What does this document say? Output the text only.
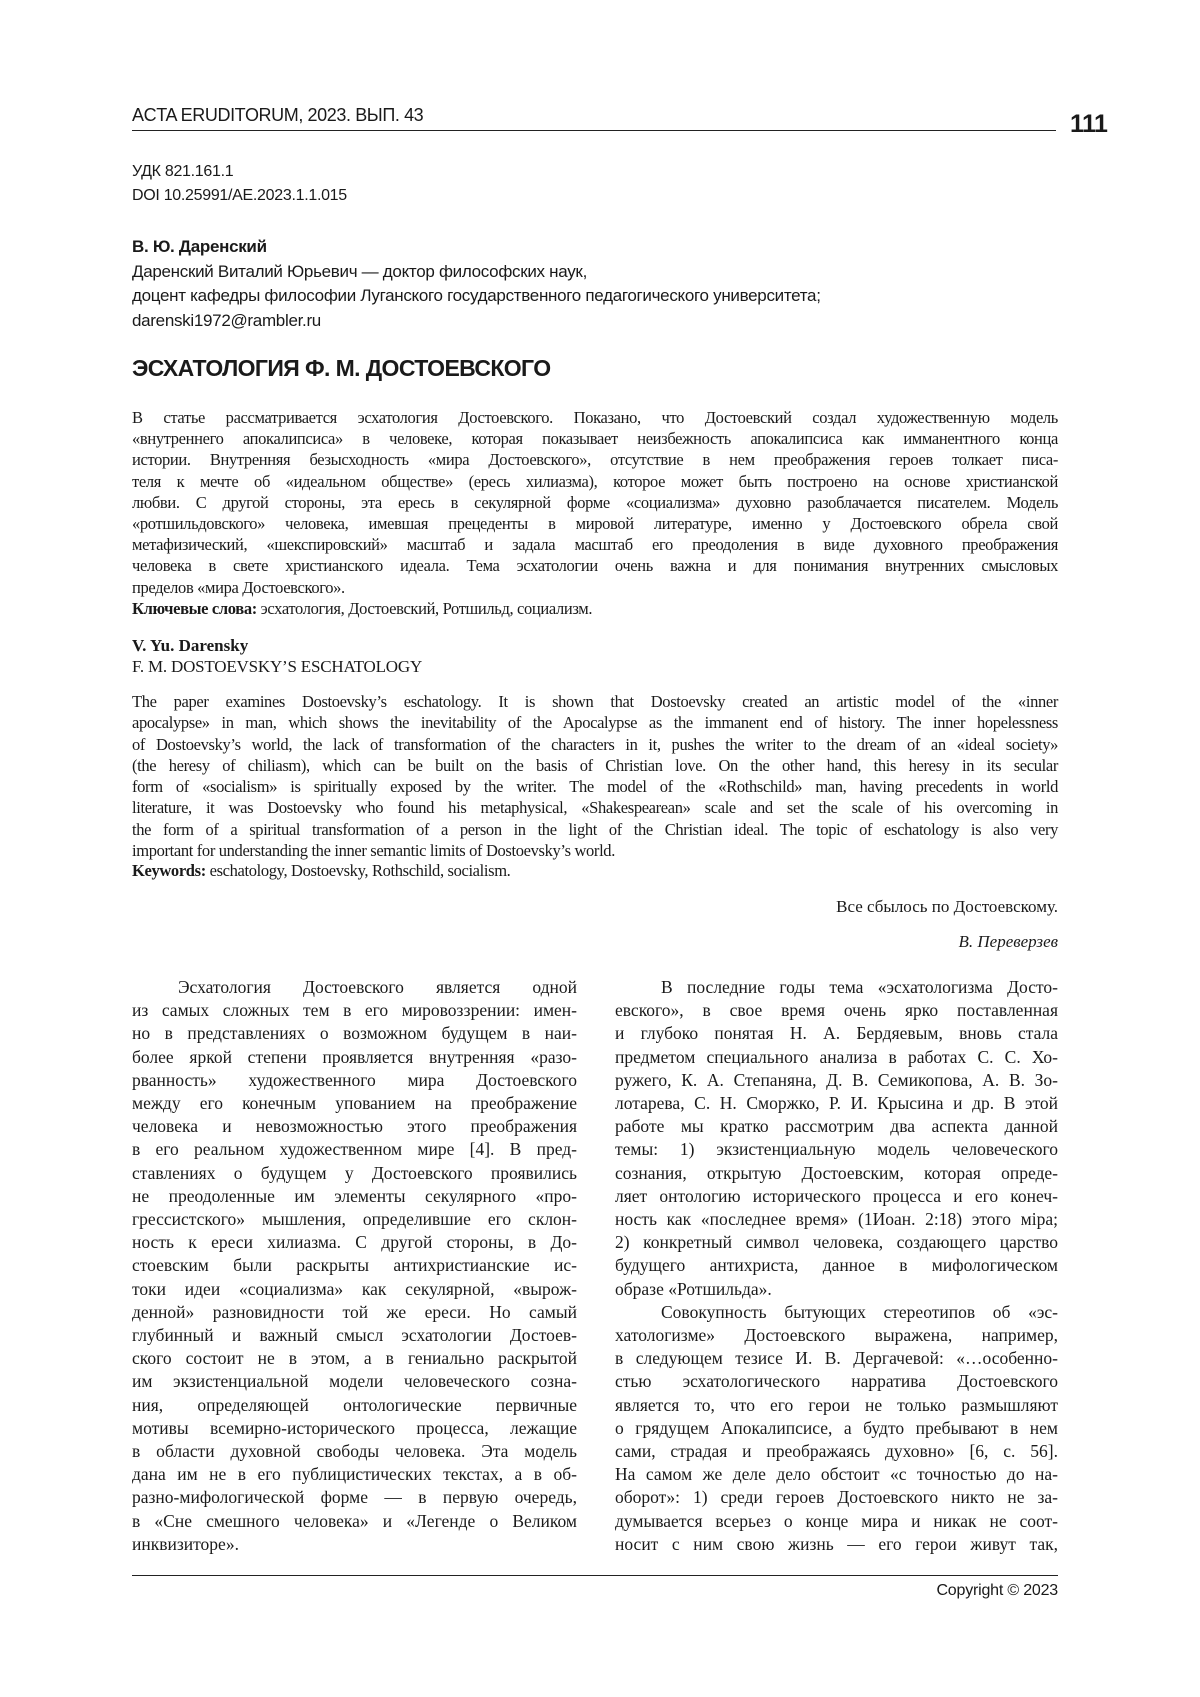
ACTA ERUDITORUM, 2023. ВЫП. 43	111
УДК 821.161.1
DOI 10.25991/AE.2023.1.1.015
В. Ю. Даренский
Даренский Виталий Юрьевич — доктор философских наук,
доцент кафедры философии Луганского государственного педагогического университета;
darenski1972@rambler.ru
ЭСХАТОЛОГИЯ Ф. М. ДОСТОЕВСКОГО
В статье рассматривается эсхатология Достоевского. Показано, что Достоевский создал художественную модель
«внутреннего апокалипсиса» в человеке, которая показывает неизбежность апокалипсиса как имманентного конца
истории. Внутренняя безысходность «мира Достоевского», отсутствие в нем преображения героев толкает писа-
теля к мечте об «идеальном обществе» (ересь хилиазма), которое может быть построено на основе христианской
любви. С другой стороны, эта ересь в секулярной форме «социализма» духовно разоблачается писателем. Модель
«ротшильдовского» человека, имевшая прецеденты в мировой литературе, именно у Достоевского обрела свой
метафизический, «шекспировский» масштаб и задала масштаб его преодоления в виде духовного преображения
человека в свете христианского идеала. Тема эсхатологии очень важна и для понимания внутренних смысловых
пределов «мира Достоевского».
Ключевые слова: эсхатология, Достоевский, Ротшильд, социализм.
V. Yu. Darensky
F. M. DOSTOEVSKY’S ESCHATOLOGY
The paper examines Dostoevsky’s eschatology. It is shown that Dostoevsky created an artistic model of the «inner
apocalypse» in man, which shows the inevitability of the Apocalypse as the immanent end of history. The inner hopelessness
of Dostoevsky’s world, the lack of transformation of the characters in it, pushes the writer to the dream of an «ideal society»
(the heresy of chiliasm), which can be built on the basis of Christian love. On the other hand, this heresy in its secular
form of «socialism» is spiritually exposed by the writer. The model of the «Rothschild» man, having precedents in world
literature, it was Dostoevsky who found his metaphysical, «Shakespearean» scale and set the scale of his overcoming in
the form of a spiritual transformation of a person in the light of the Christian ideal. The topic of eschatology is also very
important for understanding the inner semantic limits of Dostoevsky’s world.
Keywords: eschatology, Dostoevsky, Rothschild, socialism.
Все сбылось по Достоевскому.
В. Переверзев
Эсхатология Достоевского является одной
из самых сложных тем в его мировоззрении: имен-
но в представлениях о возможном будущем в наи-
более яркой степени проявляется внутренняя «разо-
рванность» художественного мира Достоевского
между его конечным упованием на преображение
человека и невозможностью этого преображения
в его реальном художественном мире [4]. В пред-
ставлениях о будущем у Достоевского проявились
не преодоленные им элементы секулярного «про-
грессистского» мышления, определившие его склон-
ность к ереси хилиазма. С другой стороны, в До-
стоевским были раскрыты антихристианские ис-
токи идеи «социализма» как секулярной, «вырож-
денной» разновидности той же ереси. Но самый
глубинный и важный смысл эсхатологии Достоев-
ского состоит не в этом, а в гениально раскрытой
им экзистенциальной модели человеческого созна-
ния, определяющей онтологические первичные
мотивы всемирно-исторического процесса, лежащие
в области духовной свободы человека. Эта модель
дана им не в его публицистических текстах, а в об-
разно-мифологической форме — в первую очередь,
в «Сне смешного человека» и «Легенде о Великом
инквизиторе».
В последние годы тема «эсхатологизма Досто-
евского», в свое время очень ярко поставленная
и глубоко понятая Н. А. Бердяевым, вновь стала
предметом специального анализа в работах С. С. Хо-
ружего, К. А. Степаняна, Д. В. Семикопова, А. В. Зо-
лотарева, С. Н. Сморжко, Р. И. Крысина и др. В этой
работе мы кратко рассмотрим два аспекта данной
темы: 1) экзистенциальную модель человеческого
сознания, открытую Достоевским, которая опреде-
ляет онтологию исторического процесса и его конеч-
ность как «последнее время» (1Иоан. 2:18) этого міра;
2) конкретный символ человека, создающего царство
будущего антихриста, данное в мифологическом
образе «Ротшильда».
Совокупность бытующих стереотипов об «эс-
хатологизме» Достоевского выражена, например,
в следующем тезисе И. В. Дергачевой: «…особенно-
стью эсхатологического нарратива Достоевского
является то, что его герои не только размышляют
о грядущем Апокалипсисе, а будто пребывают в нем
сами, страдая и преображаясь духовно» [6, с. 56].
На самом же деле дело обстоит «с точностью до на-
оборот»: 1) среди героев Достоевского никто не за-
думывается всерьез о конце мира и никак не соот-
носит с ним свою жизнь — его герои живут так,
Copyright © 2023
